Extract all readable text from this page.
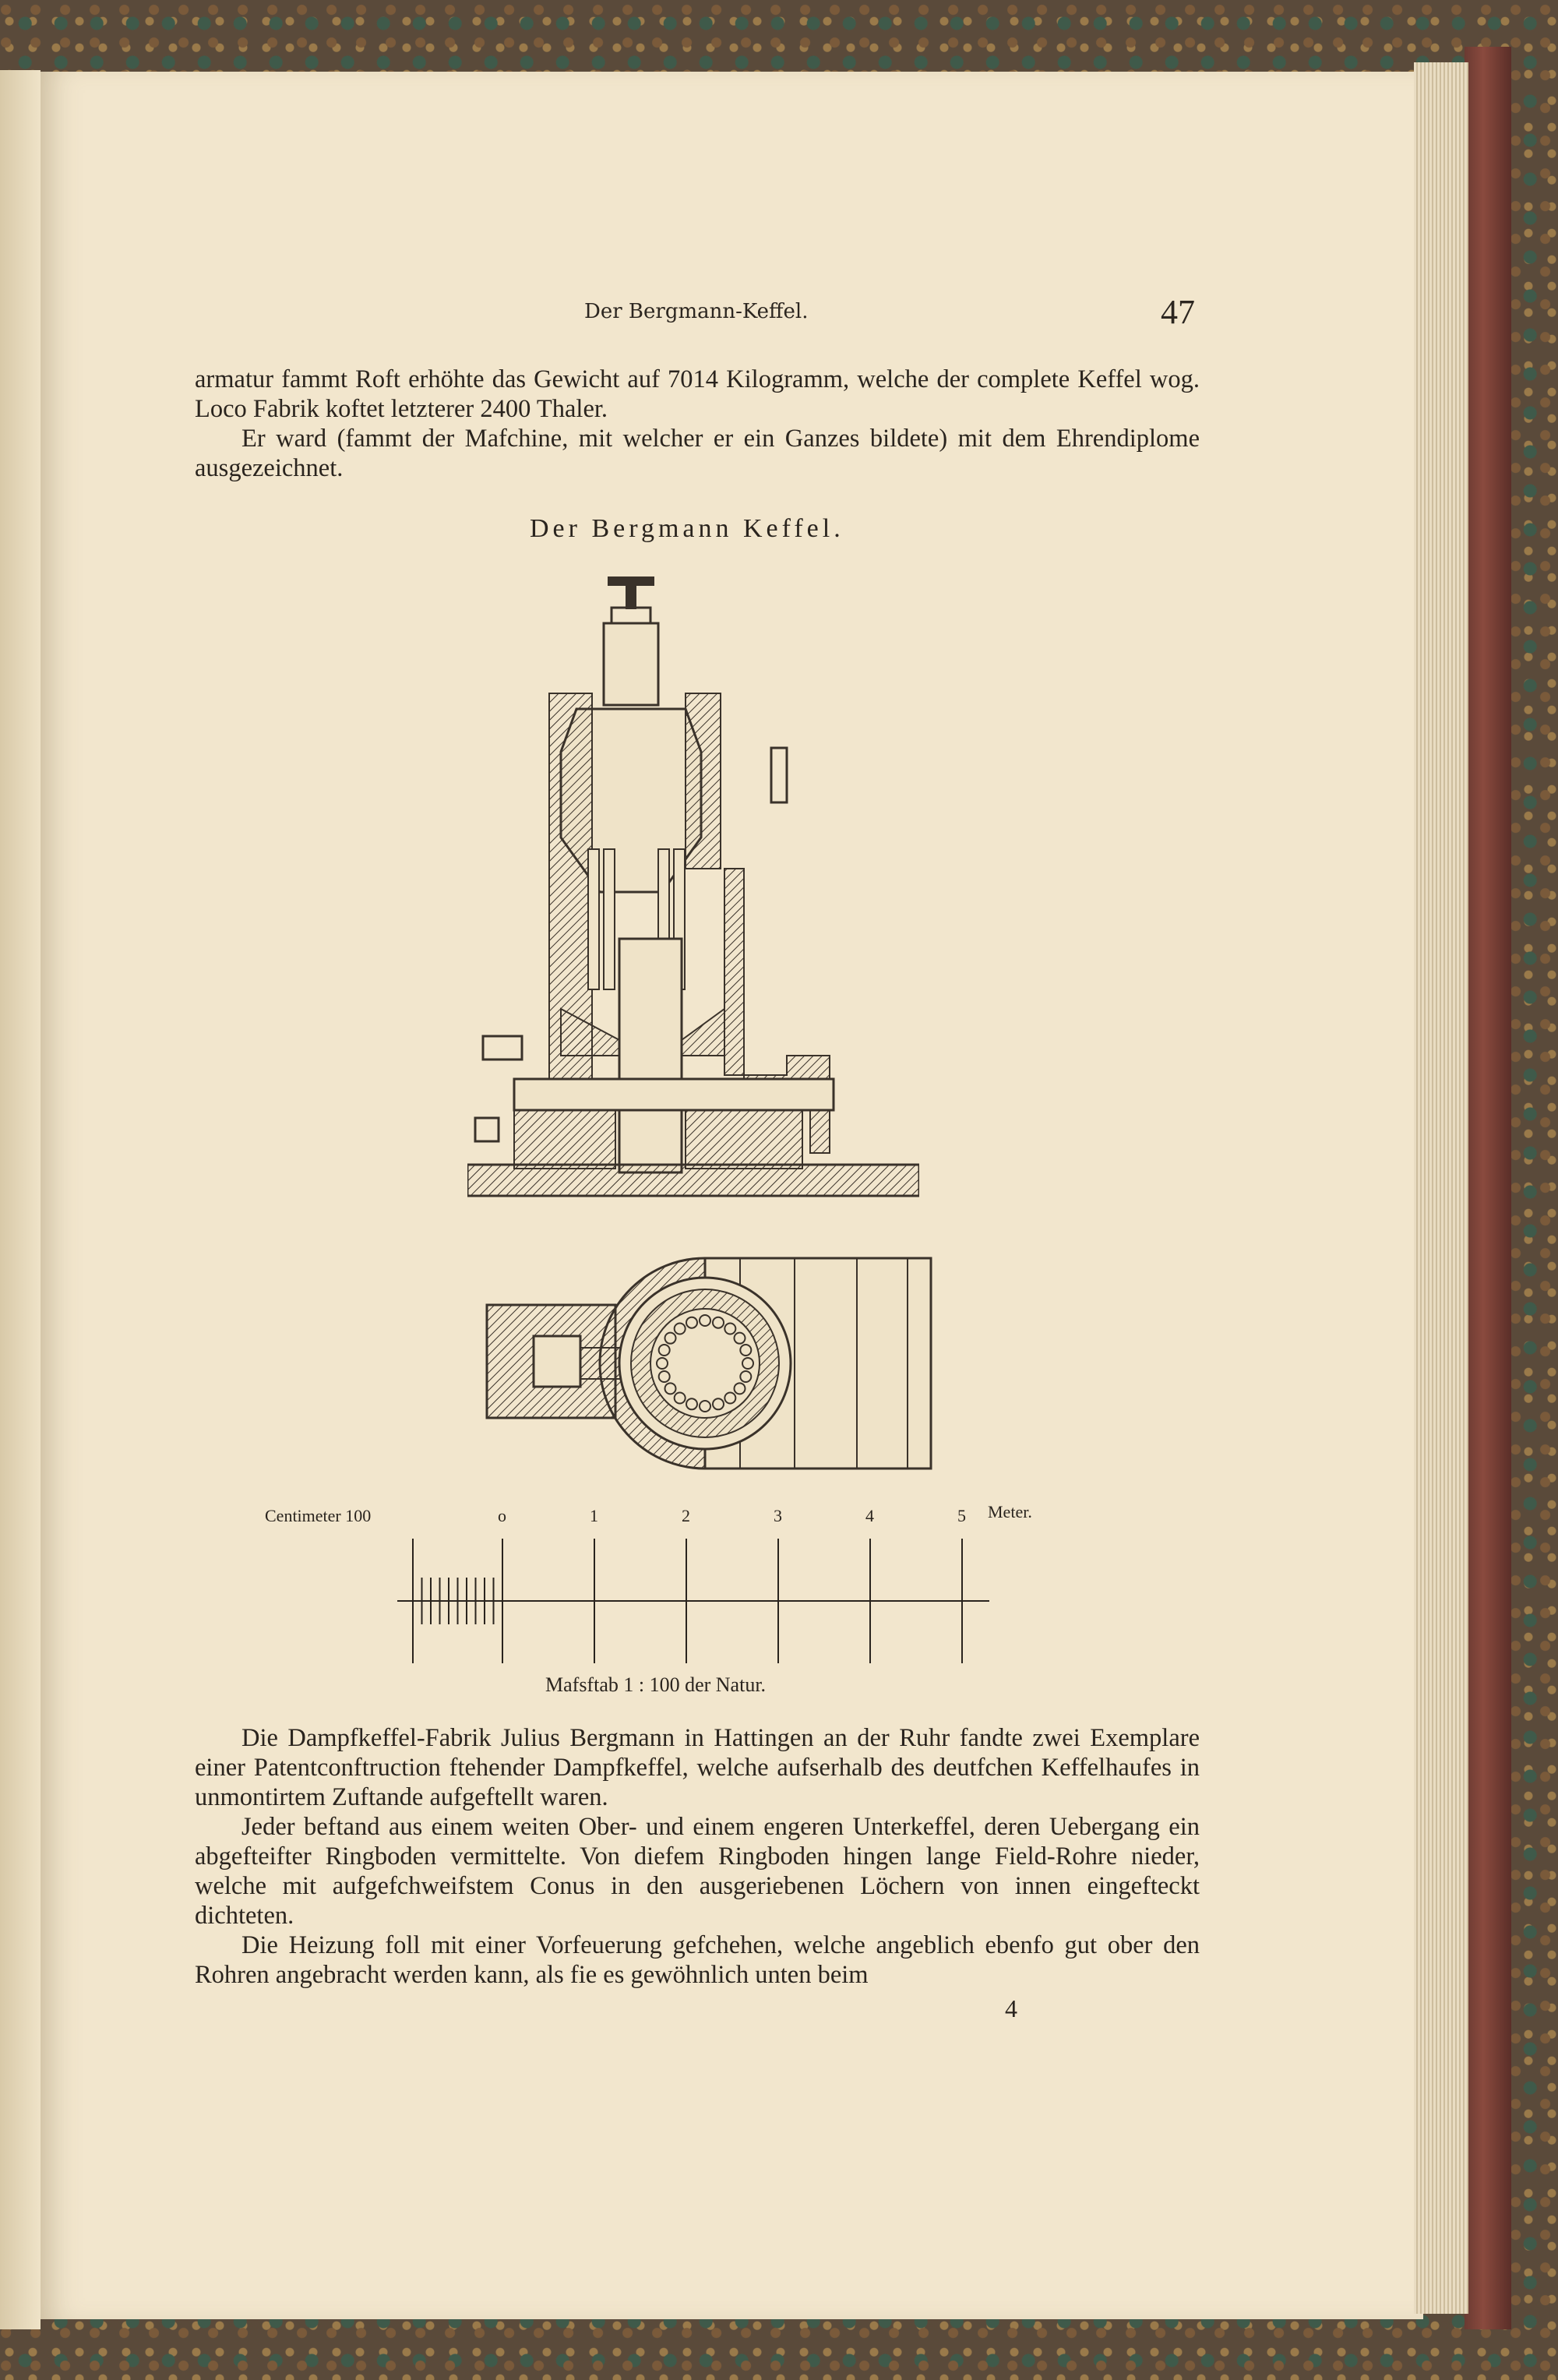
Der Bergmann-Keffel.	47

armatur fammt Roft erhöhte das Gewicht auf 7014 Kilogramm, welche der complete Keffel wog. Loco Fabrik koftet letzterer 2400 Thaler.

Er ward (fammt der Mafchine, mit welcher er ein Ganzes bildete) mit dem Ehrendiplome ausgezeichnet.

Der Bergmann Keffel.
Centimeter 100	o	1	2	3	4	5 Meter.
Mafsftab 1 : 100 der Natur.

Die Dampfkeffel-Fabrik Julius Bergmann in Hattingen an der Ruhr fandte zwei Exemplare einer Patentconftruction ftehender Dampfkeffel, welche aufserhalb des deutfchen Keffelhaufes in unmontirtem Zuftande aufgeftellt waren.

Jeder beftand aus einem weiten Ober- und einem engeren Unterkeffel, deren Uebergang ein abgefteifter Ringboden vermittelte. Von diefem Ringboden hingen lange Field-Rohre nieder, welche mit aufgefchweifstem Conus in den ausgeriebenen Löchern von innen eingefteckt dichteten.

Die Heizung foll mit einer Vorfeuerung gefchehen, welche angeblich ebenfo gut ober den Rohren angebracht werden kann, als fie es gewöhnlich unten beim

4
